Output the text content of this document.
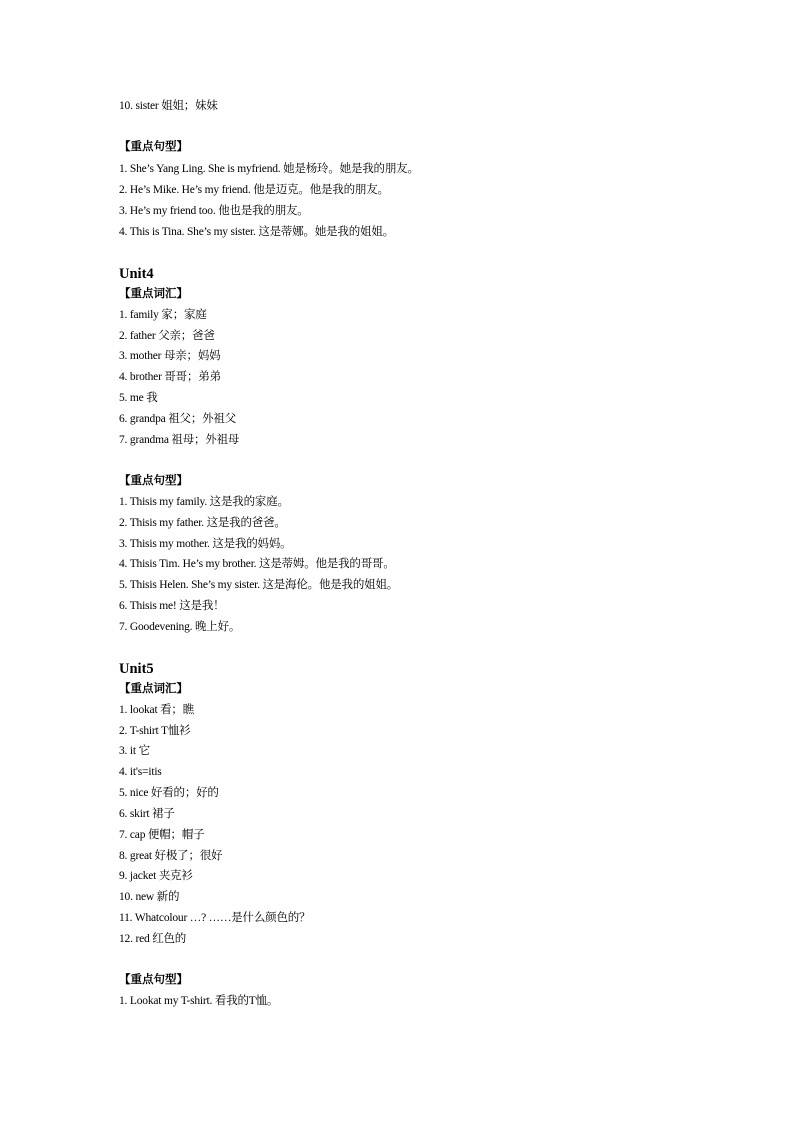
10. sister 姐姐；妹妹
【重点句型】
1. She’s Yang Ling. She is myfriend. 她是杨玲。她是我的朋友。
2. He’s Mike. He’s my friend. 他是迈克。他是我的朋友。
3. He’s my friend too. 他也是我的朋友。
4. This is Tina. She’s my sister. 这是蒂娜。她是我的姐姐。
Unit4
【重点词汇】
1. family 家；家庭
2. father 父亲；爸爸
3. mother 母亲；妈妈
4. brother 哥哥；弟弟
5. me 我
6. grandpa 祖父；外祖父
7. grandma 祖母；外祖母
【重点句型】
1. Thisis my family. 这是我的家庭。
2. Thisis my father. 这是我的爸爸。
3. Thisis my mother. 这是我的妈妈。
4. Thisis Tim. He’s my brother. 这是蒂姆。他是我的哥哥。
5. Thisis Helen. She’s my sister. 这是海伦。他是我的姐姐。
6. Thisis me! 这是我！
7. Goodevening. 晚上好。
Unit5
【重点词汇】
1. lookat 看；瞧
2. T-shirt T恤衫
3. it 它
4. it's=itis
5. nice 好看的；好的
6. skirt 裙子
7. cap 便帽；帽子
8. great 好极了；很好
9. jacket 夹克衫
10. new 新的
11. Whatcolour …? ……是什么颜色的？
12. red 红色的
【重点句型】
1. Lookat my T-shirt. 看我的T恤。
